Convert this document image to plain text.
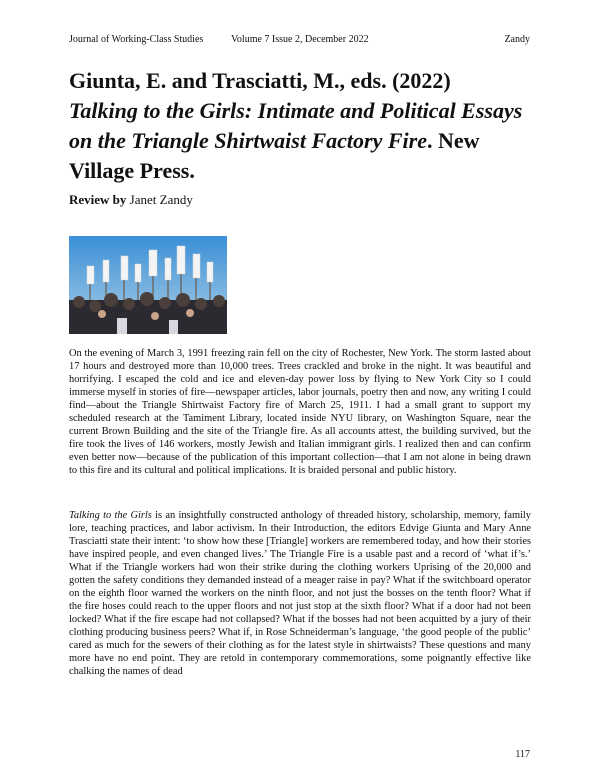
Journal of Working-Class Studies	Volume 7 Issue 2, December 2022	Zandy
Giunta, E. and Trasciatti, M., eds. (2022)
Talking to the Girls: Intimate and Political Essays on the Triangle Shirtwaist Factory Fire. New Village Press.
Review by Janet Zandy
On the evening of March 3, 1991 freezing rain fell on the city of Rochester, New York. The storm lasted about 17 hours and destroyed more than 10,000 trees. Trees crackled and broke in the night. It was beautiful and horrifying. I escaped the cold and ice and eleven-day power loss by flying to New York City so I could immerse myself in stories of fire—newspaper articles, labor journals, poetry then and now, any writing I could find—about the Triangle Shirtwaist Factory fire of March 25, 1911. I had a small grant to support my scheduled research at the Tamiment Library, located inside NYU library, on Washington Square, near the current Brown Building and the site of the Triangle fire. As all accounts attest, the building survived, but the fire took the lives of 146 workers, mostly Jewish and Italian immigrant girls. I realized then and can confirm even better now—because of the publication of this important collection—that I am not alone in being drawn to this fire and its cultural and political implications. It is braided personal and public history.
Talking to the Girls is an insightfully constructed anthology of threaded history, scholarship, memory, family lore, teaching practices, and labor activism. In their Introduction, the editors Edvige Giunta and Mary Anne Trasciatti state their intent: ‘to show how these [Triangle] workers are remembered today, and how their stories have inspired people, and even changed lives.’ The Triangle Fire is a usable past and a record of ‘what if’s.’ What if the Triangle workers had won their strike during the clothing workers Uprising of the 20,000 and gotten the safety conditions they demanded instead of a meager raise in pay? What if the switchboard operator on the eighth floor warned the workers on the ninth floor, and not just the bosses on the tenth floor? What if the fire hoses could reach to the upper floors and not just stop at the sixth floor? What if a door had not been locked? What if the fire escape had not collapsed? What if the bosses had not been acquitted by a jury of their clothing producing business peers? What if, in Rose Schneiderman’s language, ‘the good people of the public’ cared as much for the sewers of their clothing as for the latest style in shirtwaists? These questions and many more have no end point. They are retold in contemporary commemorations, some poignantly effective like chalking the names of dead
117
